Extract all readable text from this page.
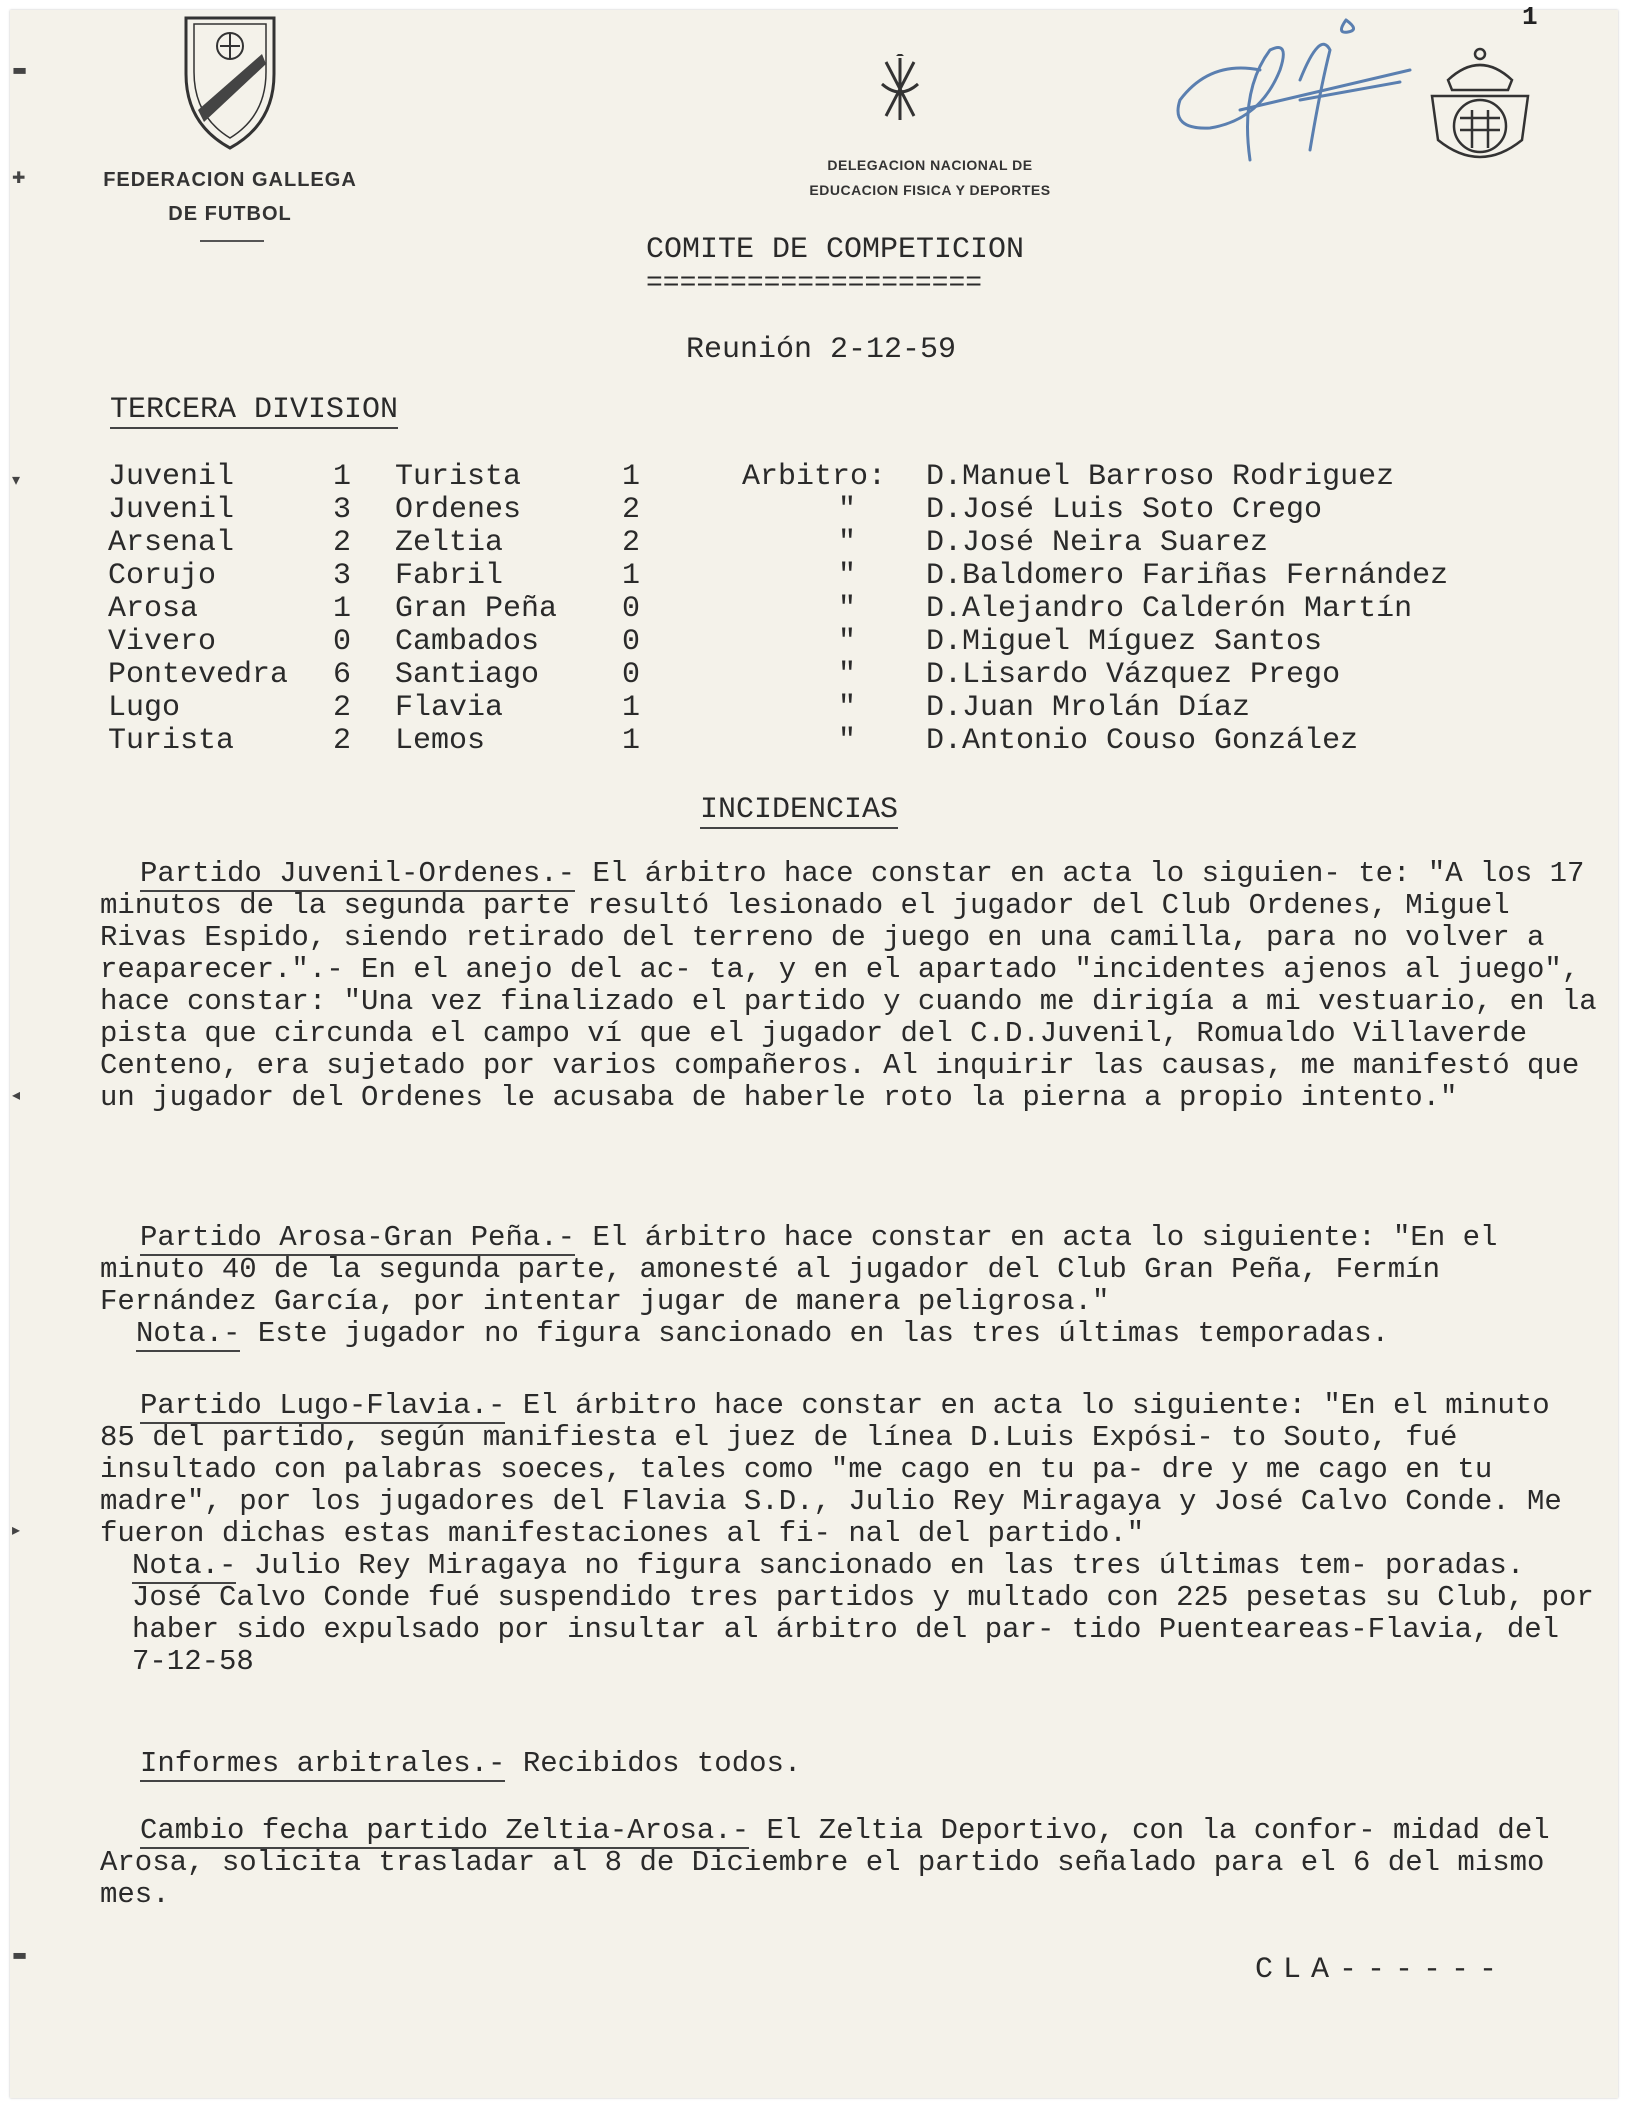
1
FEDERACION GALLEGA
DE FUTBOL
DELEGACION NACIONAL DE
EDUCACION FISICA Y DEPORTES
▬
✚
▾
◂
▸
▬
COMITE DE COMPETICION
====================
Reunión 2-12-59
TERCERA DIVISION
Juvenil	1 Turista	1	Arbitro: D.Manuel Barroso Rodriguez
Juvenil	3 Ordenes	2	" D.José Luis Soto Crego
Arsenal	2 Zeltia	2	" D.José Neira Suarez
Corujo	3 Fabril	1	" D.Baldomero Fariñas Fernández
Arosa	1 Gran Peña 0	" D.Alejandro Calderón Martín
Vivero	0 Cambados	0	" D.Miguel Míguez Santos
Pontevedra 6 Santiago	0	" D.Lisardo Vázquez Prego
Lugo	2 Flavia	1	" D.Juan Mrolán Díaz
Turista	2 Lemos	1	" D.Antonio Couso González
INCIDENCIAS
Partido Juvenil-Ordenes.- El árbitro hace constar en acta lo siguien- te: "A los 17 minutos de la segunda parte resultó lesionado el jugador del Club Ordenes, Miguel Rivas Espido, siendo retirado del terreno de juego en una camilla, para no volver a reaparecer.".- En el anejo del ac- ta, y en el apartado "incidentes ajenos al juego", hace constar: "Una vez finalizado el partido y cuando me dirigía a mi vestuario, en la pista que circunda el campo ví que el jugador del C.D.Juvenil, Romualdo Villaverde Centeno, era sujetado por varios compañeros. Al inquirir las causas, me manifestó que un jugador del Ordenes le acusaba de haberle roto la pierna a propio intento."
Partido Arosa-Gran Peña.- El árbitro hace constar en acta lo siguiente: "En el minuto 40 de la segunda parte, amonesté al jugador del Club Gran Peña, Fermín Fernández García, por intentar jugar de manera peligrosa."
Nota.- Este jugador no figura sancionado en las tres últimas temporadas.
Partido Lugo-Flavia.- El árbitro hace constar en acta lo siguiente: "En el minuto 85 del partido, según manifiesta el juez de línea D.Luis Expósi- to Souto, fué insultado con palabras soeces, tales como "me cago en tu pa- dre y me cago en tu madre", por los jugadores del Flavia S.D., Julio Rey Miragaya y José Calvo Conde. Me fueron dichas estas manifestaciones al fi- nal del partido."
Nota.- Julio Rey Miragaya no figura sancionado en las tres últimas tem- poradas. José Calvo Conde fué suspendido tres partidos y multado con 225 pesetas su Club, por haber sido expulsado por insultar al árbitro del par- tido Puenteareas-Flavia, del 7-12-58
Informes arbitrales.- Recibidos todos.
Cambio fecha partido Zeltia-Arosa.- El Zeltia Deportivo, con la confor- midad del Arosa, solicita trasladar al 8 de Diciembre el partido señalado para el 6 del mismo mes.
CLA------
